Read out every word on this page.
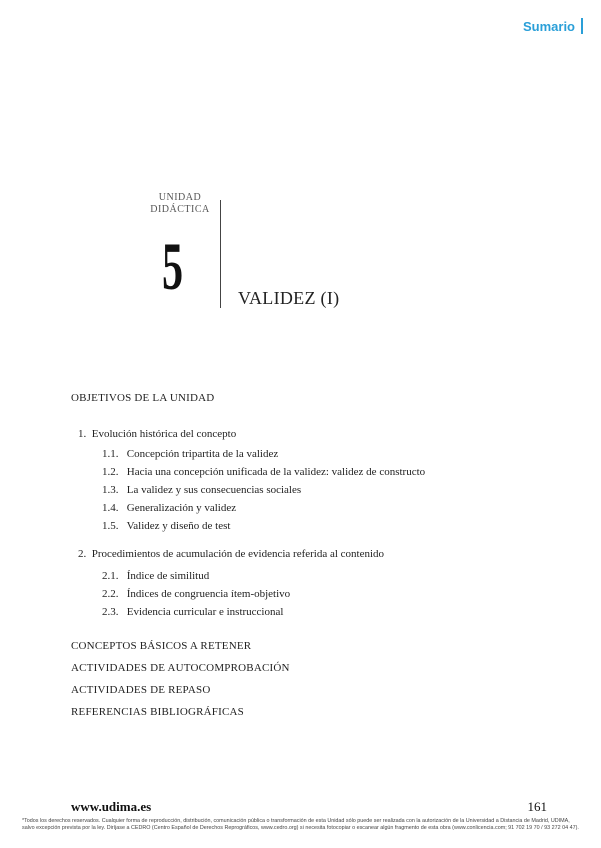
Sumario
UNIDAD
DIDÁCTICA
5	VALIDEZ (I)
OBJETIVOS DE LA UNIDAD
1. Evolución histórica del concepto
1.1. Concepción tripartita de la validez
1.2. Hacia una concepción unificada de la validez: validez de constructo
1.3. La validez y sus consecuencias sociales
1.4. Generalización y validez
1.5. Validez y diseño de test
2. Procedimientos de acumulación de evidencia referida al contenido
2.1. Índice de similitud
2.2. Índices de congruencia ítem-objetivo
2.3. Evidencia curricular e instruccional
CONCEPTOS BÁSICOS A RETENER
ACTIVIDADES DE AUTOCOMPROBACIÓN
ACTIVIDADES DE REPASO
REFERENCIAS BIBLIOGRÁFICAS
www.udima.es	161
*Todos los derechos reservados. Cualquier forma de reproducción, distribución, comunicación pública o transformación de esta Unidad sólo puede ser realizada con la autorización de la Universidad a Distancia de Madrid, UDIMA, salvo excepción prevista por la ley. Diríjase a CEDRO (Centro Español de Derechos Reprográficos, www.cedro.org) si necesita fotocopiar o escanear algún fragmento de esta obra (www.conlicencia.com; 91 702 19 70 / 93 272 04 47).
